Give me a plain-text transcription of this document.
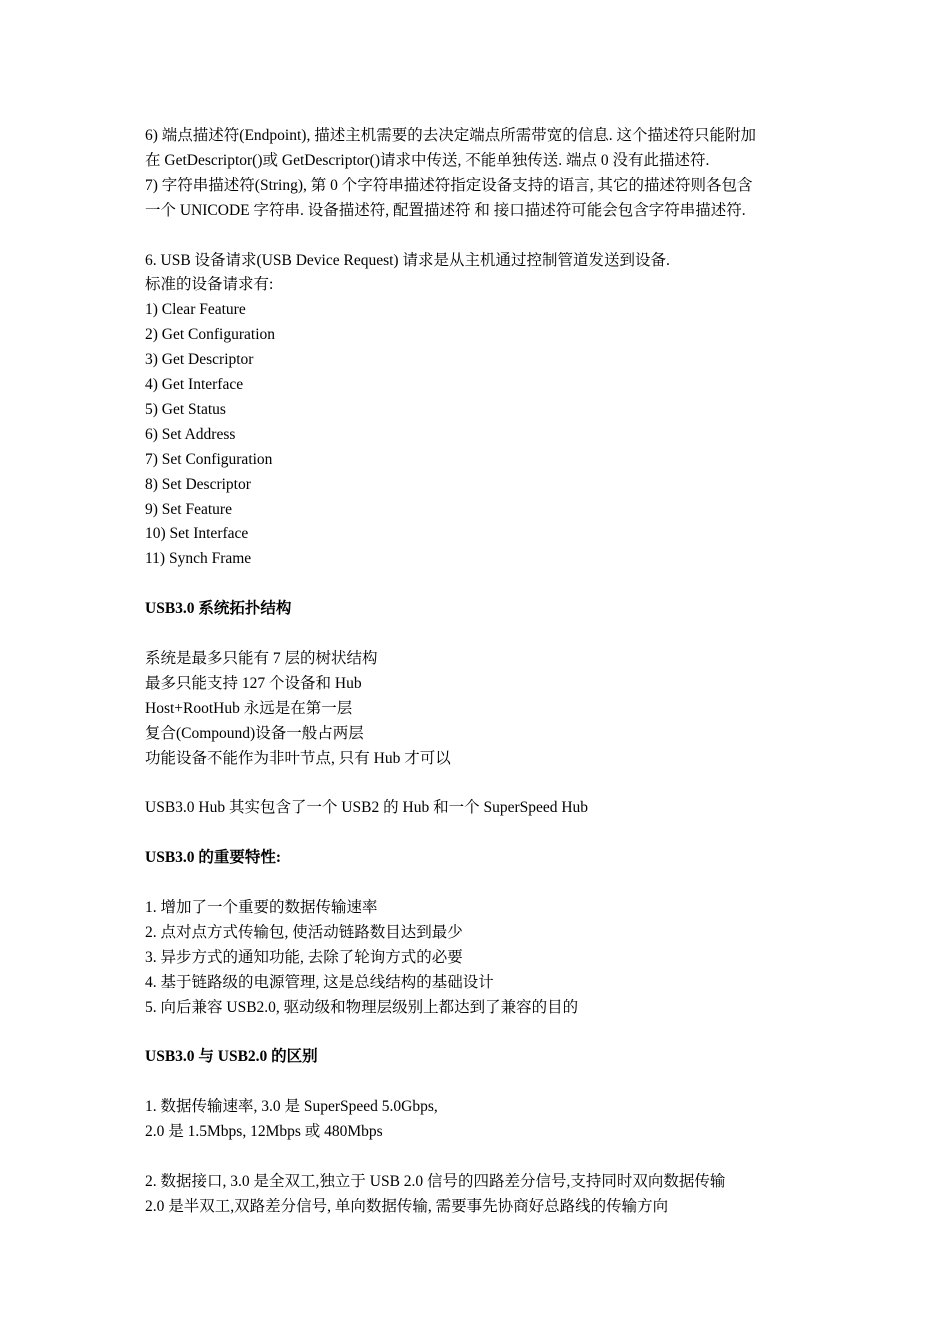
6) 端点描述符(Endpoint), 描述主机需要的去决定端点所需带宽的信息. 这个描述符只能附加
在 GetDescriptor()或 GetDescriptor()请求中传送, 不能单独传送. 端点 0 没有此描述符.
7) 字符串描述符(String), 第 0 个字符串描述符指定设备支持的语言, 其它的描述符则各包含
一个 UNICODE 字符串. 设备描述符, 配置描述符 和 接口描述符可能会包含字符串描述符.
6. USB 设备请求(USB Device Request) 请求是从主机通过控制管道发送到设备.
标准的设备请求有:
1) Clear Feature
2) Get Configuration
3) Get Descriptor
4) Get Interface
5) Get Status
6) Set Address
7) Set Configuration
8) Set Descriptor
9) Set Feature
10) Set Interface
11) Synch Frame
USB3.0 系统拓扑结构
系统是最多只能有 7 层的树状结构
最多只能支持 127 个设备和 Hub
Host+RootHub 永远是在第一层
复合(Compound)设备一般占两层
功能设备不能作为非叶节点, 只有 Hub 才可以
USB3.0 Hub 其实包含了一个 USB2 的 Hub 和一个 SuperSpeed Hub
USB3.0 的重要特性:
1. 增加了一个重要的数据传输速率
2. 点对点方式传输包, 使活动链路数目达到最少
3. 异步方式的通知功能, 去除了轮询方式的必要
4. 基于链路级的电源管理, 这是总线结构的基础设计
5. 向后兼容 USB2.0, 驱动级和物理层级别上都达到了兼容的目的
USB3.0 与 USB2.0 的区别
1. 数据传输速率, 3.0 是 SuperSpeed 5.0Gbps,
2.0 是 1.5Mbps, 12Mbps 或 480Mbps
2. 数据接口, 3.0 是全双工,独立于 USB 2.0 信号的四路差分信号,支持同时双向数据传输
2.0 是半双工,双路差分信号, 单向数据传输, 需要事先协商好总路线的传输方向
